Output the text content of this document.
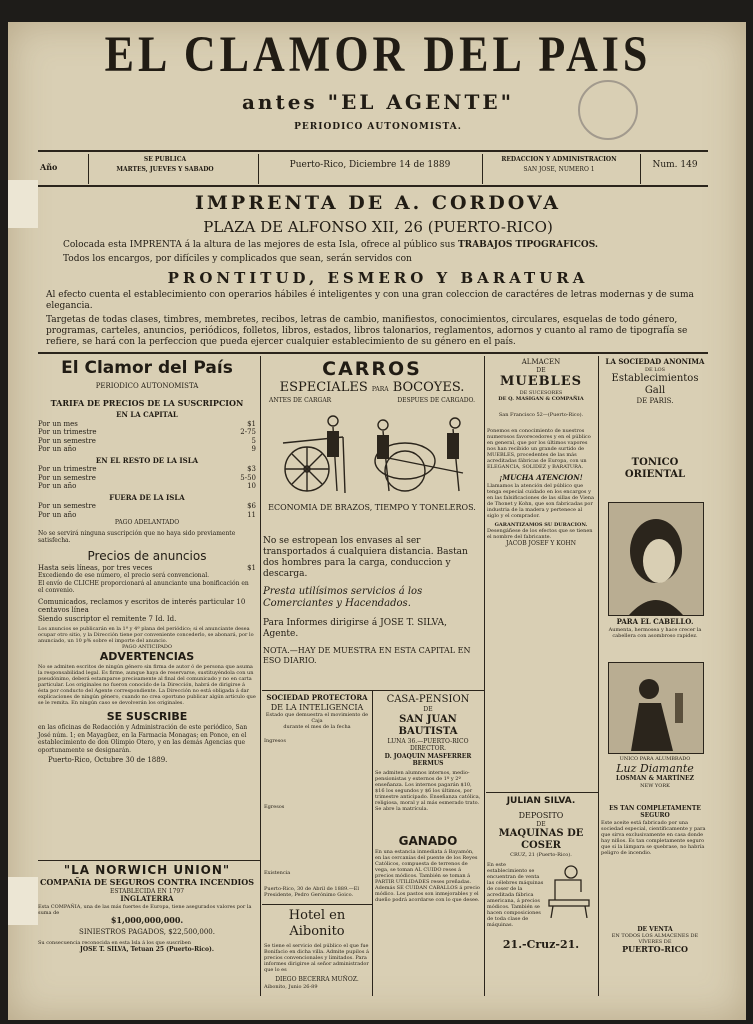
EL CLAMOR DEL PAIS
antes "EL AGENTE"
PERIODICO AUTONOMISTA.
Año
SE PUBLICA
MARTES, JUEVES Y SABADO	Puerto-Rico, Diciembre 14 de 1889
REDACCION Y ADMINISTRACION
SAN JOSE, NUMERO 1	Num. 149
IMPRENTA DE A. CORDOVA
PLAZA DE ALFONSO XII, 26 (PUERTO-RICO)
Colocada esta IMPRENTA á la altura de las mejores de esta Isla, ofrece al público sus TRABAJOS TIPOGRAFICOS.
Todos los encargos, por difíciles y complicados que sean, serán servidos con
PRONTITUD, ESMERO Y BARATURA
Al efecto cuenta el establecimiento con operarios hábiles é inteligentes y con una gran coleccion de caractéres de letras modernas y de suma elegancia.
Targetas de todas clases, timbres, membretes, recibos, letras de cambio, manifiestos, conocimientos, circulares, esquelas de todo género, programas, carteles, anuncios, periódicos, folletos, libros, estados, libros talonarios, reglamentos, adornos y cuanto al ramo de tipografía se refiere, se hará con la perfeccion que pueda ejercer cualquier establecimiento de su género en el país.
El Clamor del País
PERIODICO AUTONOMISTA
TARIFA DE PRECIOS DE LA SUSCRIPCION
EN LA CAPITAL
Por un mes	$1
Por un trimestre	2-75
Por un semestre	5
Por un año	9
EN EL RESTO DE LA ISLA
Por un trimestre	$3
Por un semestre	5-50
Por un año	10
FUERA DE LA ISLA
Por un semestre	$6
Por un año	11
PAGO ADELANTADO
No se servirá ninguna suscripción que no haya sido previamente satisfecha.
Precios de anuncios
Hasta seis líneas, por tres veces	$1
Excediendo de ese número, el precio será convencional.
El envío de CLICHE proporcionará al anunciante una bonificación en el convenio.
Comunicados, reclamos y escritos de interés particular 10 centavos línea
Siendo suscriptor el remitente 7 Id. Id.
Los anuncios se publicarán en la 1ª y 4ª plana del periódico; si el anunciante desea ocupar otro sitio, y la Dirección tiene por conveniente concederlo, se abonará, por lo anunciado, un 10 p% sobre el importe del anuncio.
PAGO ANTICIPADO
ADVERTENCIAS
No se admiten escritos de ningún género sin firma de autor ó de persona que asuma la responsabilidad legal. Es firme, aunque haya de reservarse, sustituyéndola con un pseudónimo, deberá estamparse precisamente al final del comunicado y no en carta particular. Los originales no fueron conocido de la Dirección, habrá de dirigirse á ésta por conducto del Agente correspondiente. La Dirección no está obligada á dar explicaciones de ningún género, cuando no crea oportuno publicar algún artículo que se le remita. En ningún caso se devolverán los originales.
SE SUSCRIBE
en las oficinas de Redacción y Administración de este periódico, San José núm. 1; en Mayagüez, en la Farmacia Monagas; en Ponce, en el establecimiento de don Olimpio Otero, y en las demás Agencias que oportunamente se designarán.
Puerto-Rico, Octubre 30 de 1889.
"LA NORWICH UNION"
COMPAÑIA DE SEGUROS CONTRA INCENDIOS
ESTABLECIDA EN 1797
INGLATERRA
Esta COMPAÑIA, una de las más fuertes de Europa, tiene asegurados valores por la suma de
$1,000,000,000.
SINIESTROS PAGADOS, $22,500,000.
Su consecuencia reconocida en esta Isla á los que suscriben
JOSE T. SILVA, Tetuan 25 (Puerto-Rico).
CARROS
ESPECIALES PARA BOCOYES.
ANTES DE CARGAR	DESPUES DE CARGADO.
ECONOMIA DE BRAZOS, TIEMPO Y TONELEROS.
No se estropean los envases al ser transportados á cualquiera distancia. Bastan dos hombres para la carga, conduccion y descarga.
Presta utilísimos servicios á los Comerciantes y Hacendados.
Para Informes dirigirse á JOSE T. SILVA, Agente.
NOTA.—HAY DE MUESTRA EN ESTA CAPITAL EN ESO DIARIO.
SOCIEDAD PROTECTORA
DE LA INTELIGENCIA
Estado que demuestra el movimiento de Caja
durante el mes de la fecha
Ingresos
Egresos
Existencia
Puerto-Rico, 30 de Abril de 1889.—El Presidente, Pedro Gerónimo Goico.
Hotel en Aibonito
Se tiene el servicio del público el que fue Bonifacio en dicha villa. Admite pupilos á precios convencionales y limitados. Para informes dirigirse al señor administrador que lo es
DIEGO BECERRA MUÑOZ.
Aibonito, Junio 26-89
CASA-PENSION
DE
SAN JUAN BAUTISTA
LUNA 36.—PUERTO-RICO
DIRECTOR.
D. JOAQUIN MASFERRER BERMUS
Se admiten alumnos internos, medio-pensionistas y externos de 1º y 2º enseñanza. Los internos pagarán $10, $16 los segundos y $6 los últimos, por trimestre anticipado. Enseñanza católica, religiosa, moral y al más esmerado trato. Se abre la matrícula.
GANADO
En una estancia inmediata á Bayamón, en las cercanías del puente de los Reyes Católicos, compuesta de terrenos de vega, se toman AL CUIDO reses á precios módicos. También se toman á PARTIR UTILIDADES reses preñadas. Además SE CUIDAN CABALLOS á precio módico. Los pastos son inmejorables y el dueño podrá acordarse con lo que desee.
ALMACEN
DE
MUEBLES
DE SUCESORES
DE Q. MASIGAN & COMPAÑIA
San Francisco 52—(Puerto-Rico).
Ponemos en conocimiento de nuestros numerosos favorecedores y en el público en general, que por los últimos vapores nos han recibido un grande surtido de MUEBLES, procedentes de las más acreditadas fábricas de Europa, con un ELEGANCIA, SOLIDEZ y BARATURA.
¡MUCHA ATENCION!
Llamamos la atención del público que tenga especial cuidado en los encargos y en las falsificaciones de las sillas de Viena de Thonet y Kohn, que son fabricadas por industria de la madera y pertenece al siglo y el comprador.
GARANTIZAMOS SU DURACION.
Desengáñese de los efectos que se tienen el nombre del fabricante.
JACOB JOSEF Y KOHN
JULIAN SILVA.
DEPOSITO
DE
MAQUINAS DE COSER
CRUZ, 21 (Puerto-Rico).
En este establecimiento se encuentran de venta las célebres máquinas de coser de la acreditada fábrica americana, á precios módicos. También se hacen composiciones de toda clase de máquinas.
21.-Cruz-21.
LA SOCIEDAD ANONIMA
DE LOS
Establecimientos Gall
DE PARIS.
TONICO ORIENTAL
PARA EL CABELLO.
Aumenta, hermosea y hace crecer la cabellera con asombroso rapidez.
UNICO PARA ALUMBRADO
Luz Diamante
LOSMAN & MARTÍNEZ
NEW YORK
ES TAN COMPLETAMENTE SEGURO
Este aceite está fabricado por una sociedad especial, científicamente y para que sirva exclusivamente en casa donde hay niños. Es tan completamente seguro que si la lámpara se quebrase, no habría peligro de incendio.
DE VENTA
EN TODOS LOS ALMACENES DE VÍVERES DE
PUERTO-RICO
